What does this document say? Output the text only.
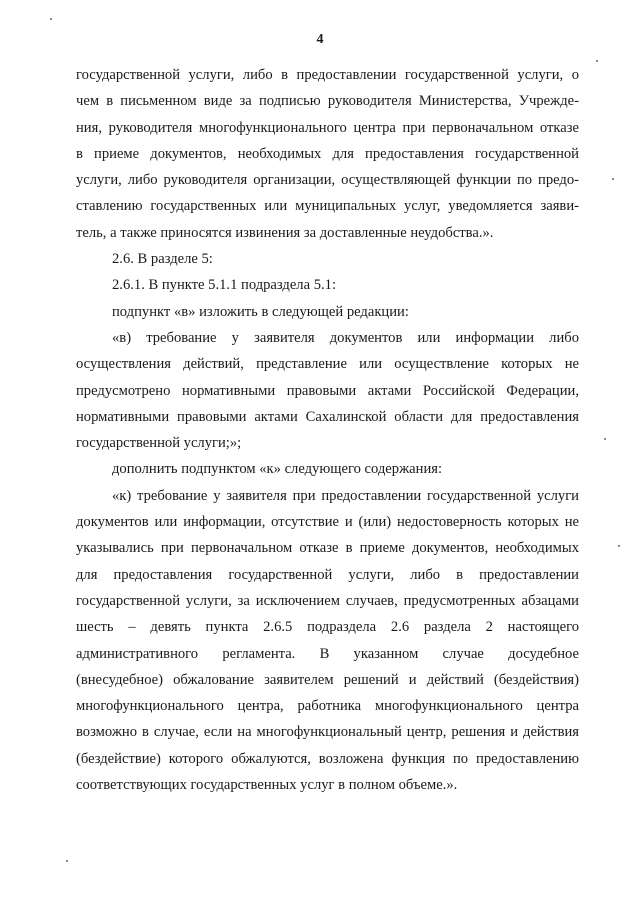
4
государственной услуги, либо в предоставлении государственной услуги, о
чем в письменном виде за подписью руководителя Министерства, Учрежде-
ния, руководителя многофункционального центра при первоначальном отказе
в приеме документов, необходимых для предоставления государственной
услуги, либо руководителя организации, осуществляющей функции по предо-
ставлению государственных или муниципальных услуг, уведомляется заяви-
тель, а также приносятся извинения за доставленные неудобства.».
2.6. В разделе 5:
2.6.1. В пункте 5.1.1 подраздела 5.1:
подпункт «в» изложить в следующей редакции:
«в) требование у заявителя документов или информации либо
осуществления действий, представление или осуществление которых не
предусмотрено нормативными правовыми актами Российской Федерации,
нормативными правовыми актами Сахалинской области для предоставления
государственной услуги;»;
дополнить подпунктом «к» следующего содержания:
«к) требование у заявителя при предоставлении государственной услуги
документов или информации, отсутствие и (или) недостоверность которых не
указывались при первоначальном отказе в приеме документов, необходимых
для предоставления государственной услуги, либо в предоставлении
государственной услуги, за исключением случаев, предусмотренных абзацами
шесть – девять пункта 2.6.5 подраздела 2.6 раздела 2 настоящего
административного регламента. В указанном случае досудебное
(внесудебное) обжалование заявителем решений и действий (бездействия)
многофункционального центра, работника многофункционального центра
возможно в случае, если на многофункциональный центр, решения и действия
(бездействие) которого обжалуются, возложена функция по предоставлению
соответствующих государственных услуг в полном объеме.».
